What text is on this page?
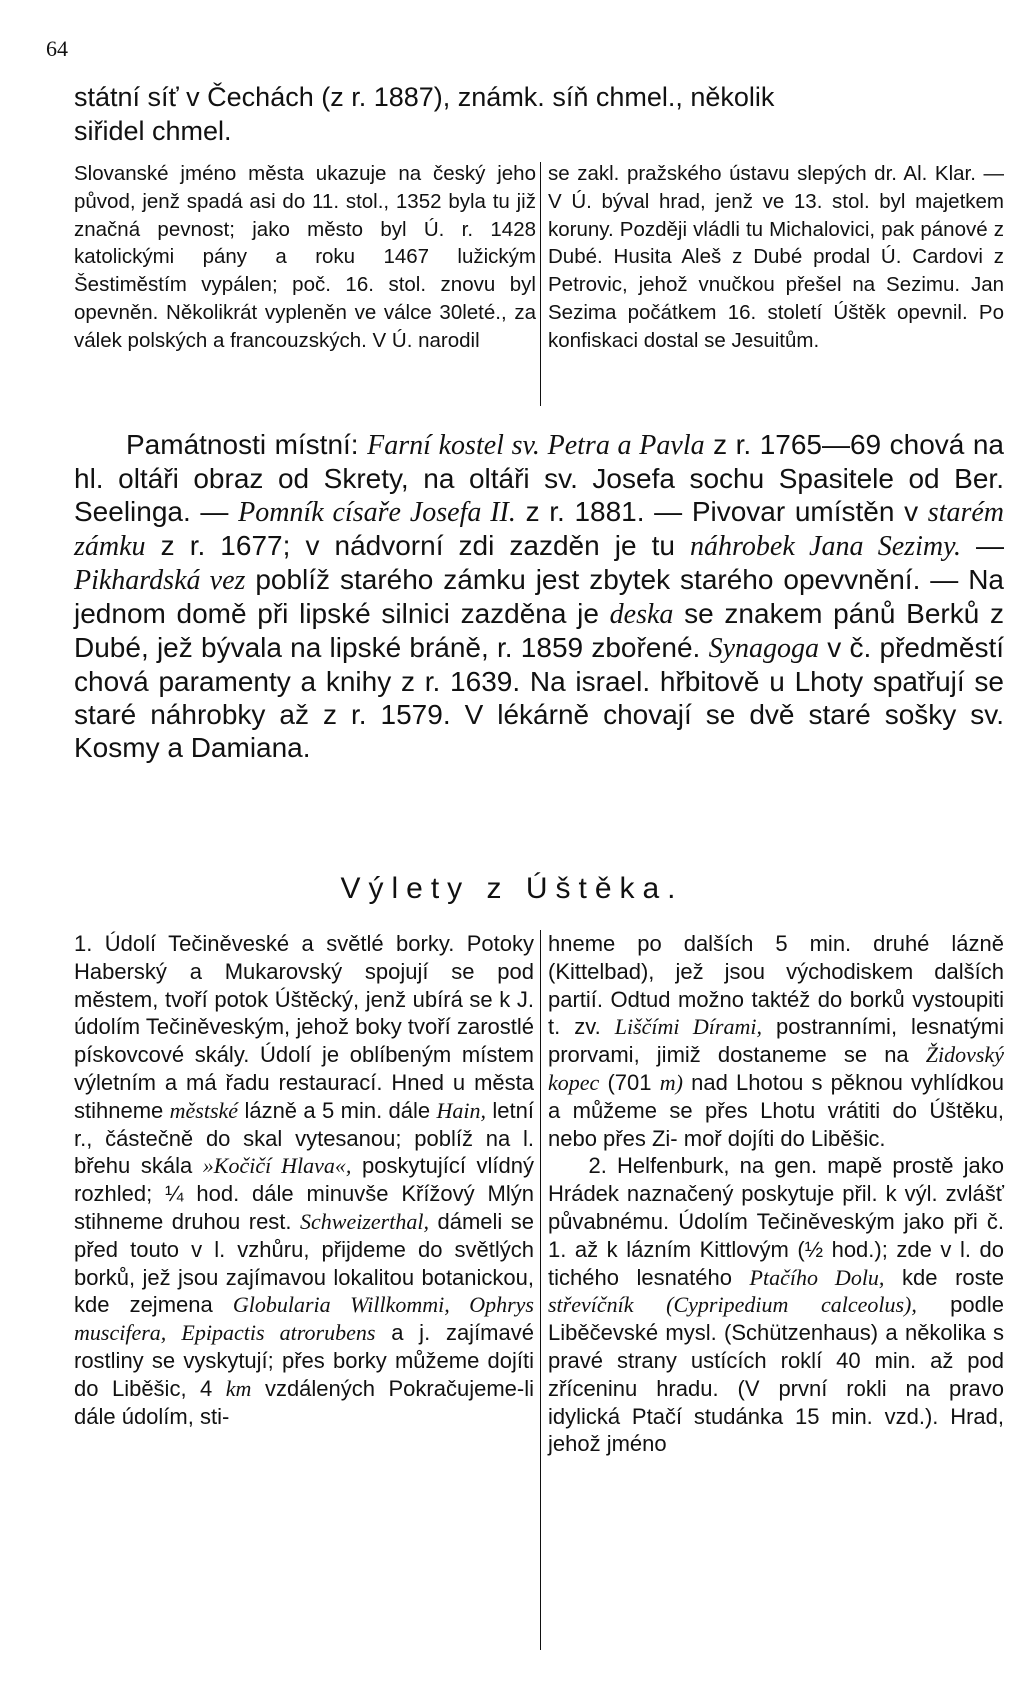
64
státní síť v Čechách (z r. 1887), známk. síň chmel., několik
siřidel chmel.
Slovanské jméno města ukazuje na český jeho původ, jenž spadá asi do 11. stol., 1352 byla tu již značná pevnost; jako město byl Ú. r. 1428 katolickými pány a roku 1467 lužickým Šestiměstím vypálen; poč. 16. stol. znovu byl opevněn. Několikrát vypleněn ve válce 30leté., za válek polských a francouzských. V Ú. narodil
se zakl. pražského ústavu slepých dr. Al. Klar. — V Ú. býval hrad, jenž ve 13. stol. byl majetkem koruny. Později vládli tu Michalovici, pak pánové z Dubé. Husita Aleš z Dubé prodal Ú. Cardovi z Petrovic, jehož vnučkou přešel na Sezimu. Jan Sezima počátkem 16. století Úštěk opevnil. Po konfiskaci dostal se Jesuitům.

Památnosti místní: Farní kostel sv. Petra a Pavla z r. 1765—69 chová na hl. oltáři obraz od Skrety, na oltáři sv. Josefa sochu Spasitele od Ber. Seelinga. — Pomník císaře Josefa II. z r. 1881. — Pivovar umístěn v starém zámku z r. 1677; v nádvorní zdi zazděn je tu náhrobek Jana Sezimy. — Pikhardská vez poblíž starého zámku jest zbytek starého opevvnění. — Na jednom domě při lipské silnici zazděna je deska se znakem pánů Berků z Dubé, jež bývala na lipské bráně, r. 1859 zbořené. Synagoga v č. předměstí chová paramenty a knihy z r. 1639. Na israel. hřbitově u Lhoty spatřují se staré náhrobky až z r. 1579. V lékárně chovají se dvě staré sošky sv. Kosmy a Damiana.

Výlety z Úštěka.
1. Údolí Tečiněveské a světlé borky. Potoky Haberský a Mukarovský spojují se pod městem, tvoří potok Úštěcký, jenž ubírá se k J. údolím Tečiněveským, jehož boky tvoří zarostlé pískovcové skály. Údolí je oblíbeným místem výletním a má řadu restaurací. Hned u města stihneme městské lázně a 5 min. dále Hain, letní r., částečně do skal vytesanou; poblíž na l. břehu skála »Kočičí Hlava«, poskytující vlídný rozhled; ¼ hod. dále minuvše Křížový Mlýn stihneme druhou rest. Schweizerthal, dámeli se před touto v l. vzhůru, přijdeme do světlých borků, jež jsou zajímavou lokalitou botanickou, kde zejmena Globularia Willkommi, Ophrys muscifera, Epipactis atrorubens a j. zajímavé rostliny se vyskytují; přes borky můžeme dojíti do Liběšic, 4 km vzdálených Pokračujeme-li dále údolím, sti-
hneme po dalších 5 min. druhé lázně (Kittelbad), jež jsou východiskem dalších partií. Odtud možno taktéž do borků vystoupiti t. zv. Liščími Dírami, postranními, lesnatými prorvami, jimiž dostaneme se na Židovský kopec (701 m) nad Lhotou s pěknou vyhlídkou a můžeme se přes Lhotu vrátiti do Úštěku, nebo přes Zi- moř dojíti do Liběšic.
2. Helfenburk, na gen. mapě prostě jako Hrádek naznačený poskytuje přil. k výl. zvlášť půvabnému. Údolím Tečiněveským jako při č. 1. až k lázním Kittlovým (½ hod.); zde v l. do tichého lesnatého Ptačího Dolu, kde roste střevíčník (Cypripedium calceolus), podle Liběčevské mysl. (Schützenhaus) a několika s pravé strany ustících roklí 40 min. až pod zříceninu hradu. (V první rokli na pravo idylická Ptačí studánka 15 min. vzd.). Hrad, jehož jméno
